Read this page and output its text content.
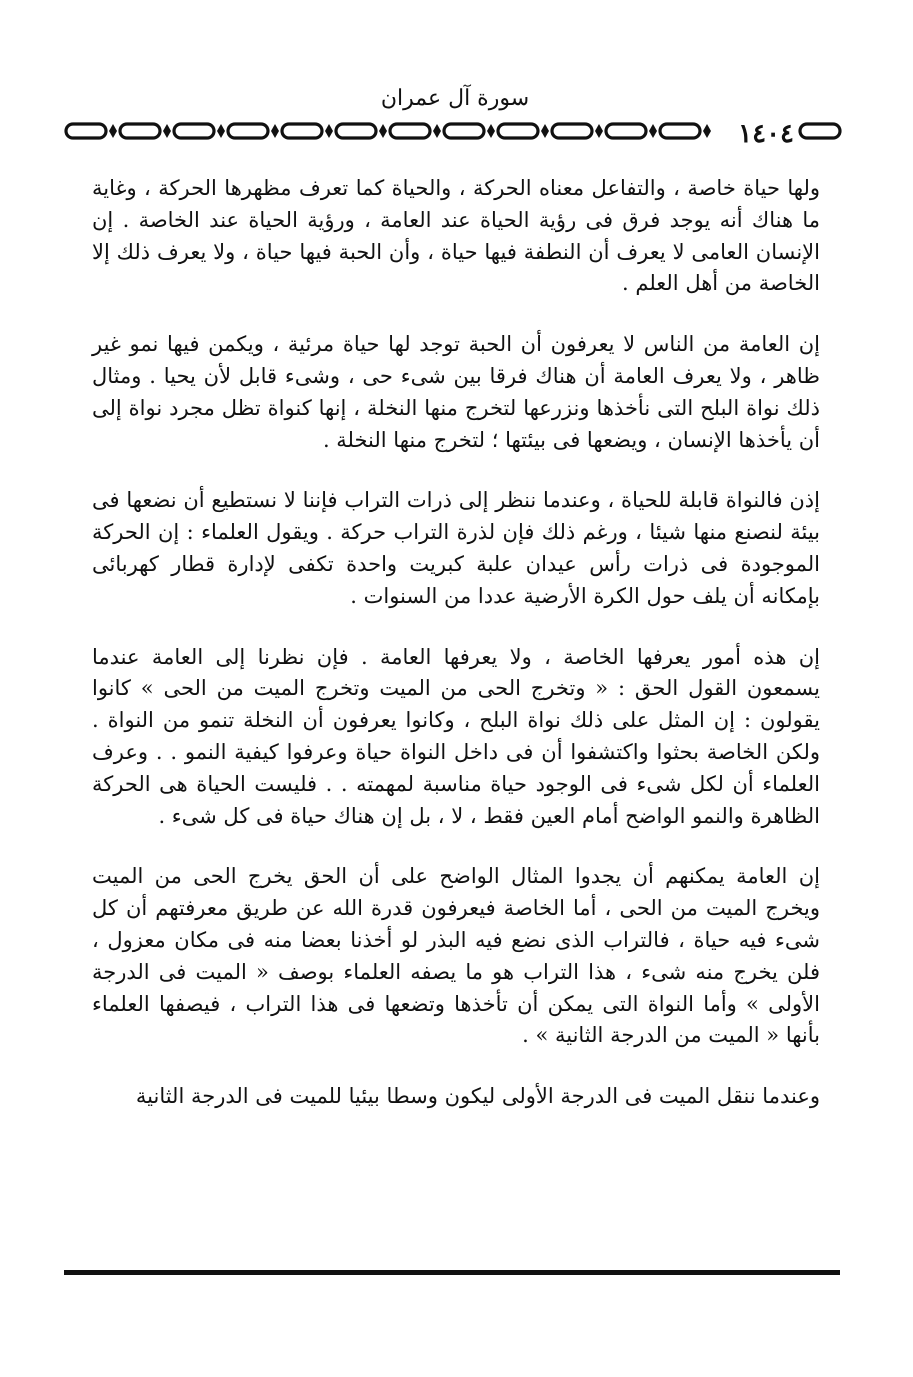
سورة آل عمران
١٤٠٤

ولها حياة خاصة ، والتفاعل معناه الحركة ، والحياة كما تعرف مظهرها الحركة ، وغاية ما هناك أنه يوجد فرق فى رؤية الحياة عند العامة ، ورؤية الحياة عند الخاصة . إن الإنسان العامى لا يعرف أن النطفة فيها حياة ، وأن الحبة فيها حياة ، ولا يعرف ذلك إلا الخاصة من أهل العلم .

إن العامة من الناس لا يعرفون أن الحبة توجد لها حياة مرئية ، ويكمن فيها نمو غير ظاهر ، ولا يعرف العامة أن هناك فرقا بين شىء حى ، وشىء قابل لأن يحيا . ومثال ذلك نواة البلح التى نأخذها ونزرعها لتخرج منها النخلة ، إنها كنواة تظل مجرد نواة إلى أن يأخذها الإنسان ، ويضعها فى بيئتها ؛ لتخرج منها النخلة .

إذن فالنواة قابلة للحياة ، وعندما ننظر إلى ذرات التراب فإننا لا نستطيع أن نضعها فى بيئة لنصنع منها شيئا ، ورغم ذلك فإن لذرة التراب حركة . ويقول العلماء : إن الحركة الموجودة فى ذرات رأس عيدان علبة كبريت واحدة تكفى لإدارة قطار كهربائى بإمكانه أن يلف حول الكرة الأرضية عددا من السنوات .

إن هذه أمور يعرفها الخاصة ، ولا يعرفها العامة . فإن نظرنا إلى العامة عندما يسمعون القول الحق : « وتخرج الحى من الميت وتخرج الميت من الحى » كانوا يقولون : إن المثل على ذلك نواة البلح ، وكانوا يعرفون أن النخلة تنمو من النواة . ولكن الخاصة بحثوا واكتشفوا أن فى داخل النواة حياة وعرفوا كيفية النمو . . وعرف العلماء أن لكل شىء فى الوجود حياة مناسبة لمهمته . . فليست الحياة هى الحركة الظاهرة والنمو الواضح أمام العين فقط ، لا ، بل إن هناك حياة فى كل شىء .

إن العامة يمكنهم أن يجدوا المثال الواضح على أن الحق يخرج الحى من الميت ويخرج الميت من الحى ، أما الخاصة فيعرفون قدرة الله عن طريق معرفتهم أن كل شىء فيه حياة ، فالتراب الذى نضع فيه البذر لو أخذنا بعضا منه فى مكان معزول ، فلن يخرج منه شىء ، هذا التراب هو ما يصفه العلماء بوصف « الميت فى الدرجة الأولى » وأما النواة التى يمكن أن تأخذها وتضعها فى هذا التراب ، فيصفها العلماء بأنها « الميت من الدرجة الثانية » .

وعندما ننقل الميت فى الدرجة الأولى ليكون وسطا بيئيا للميت فى الدرجة الثانية
